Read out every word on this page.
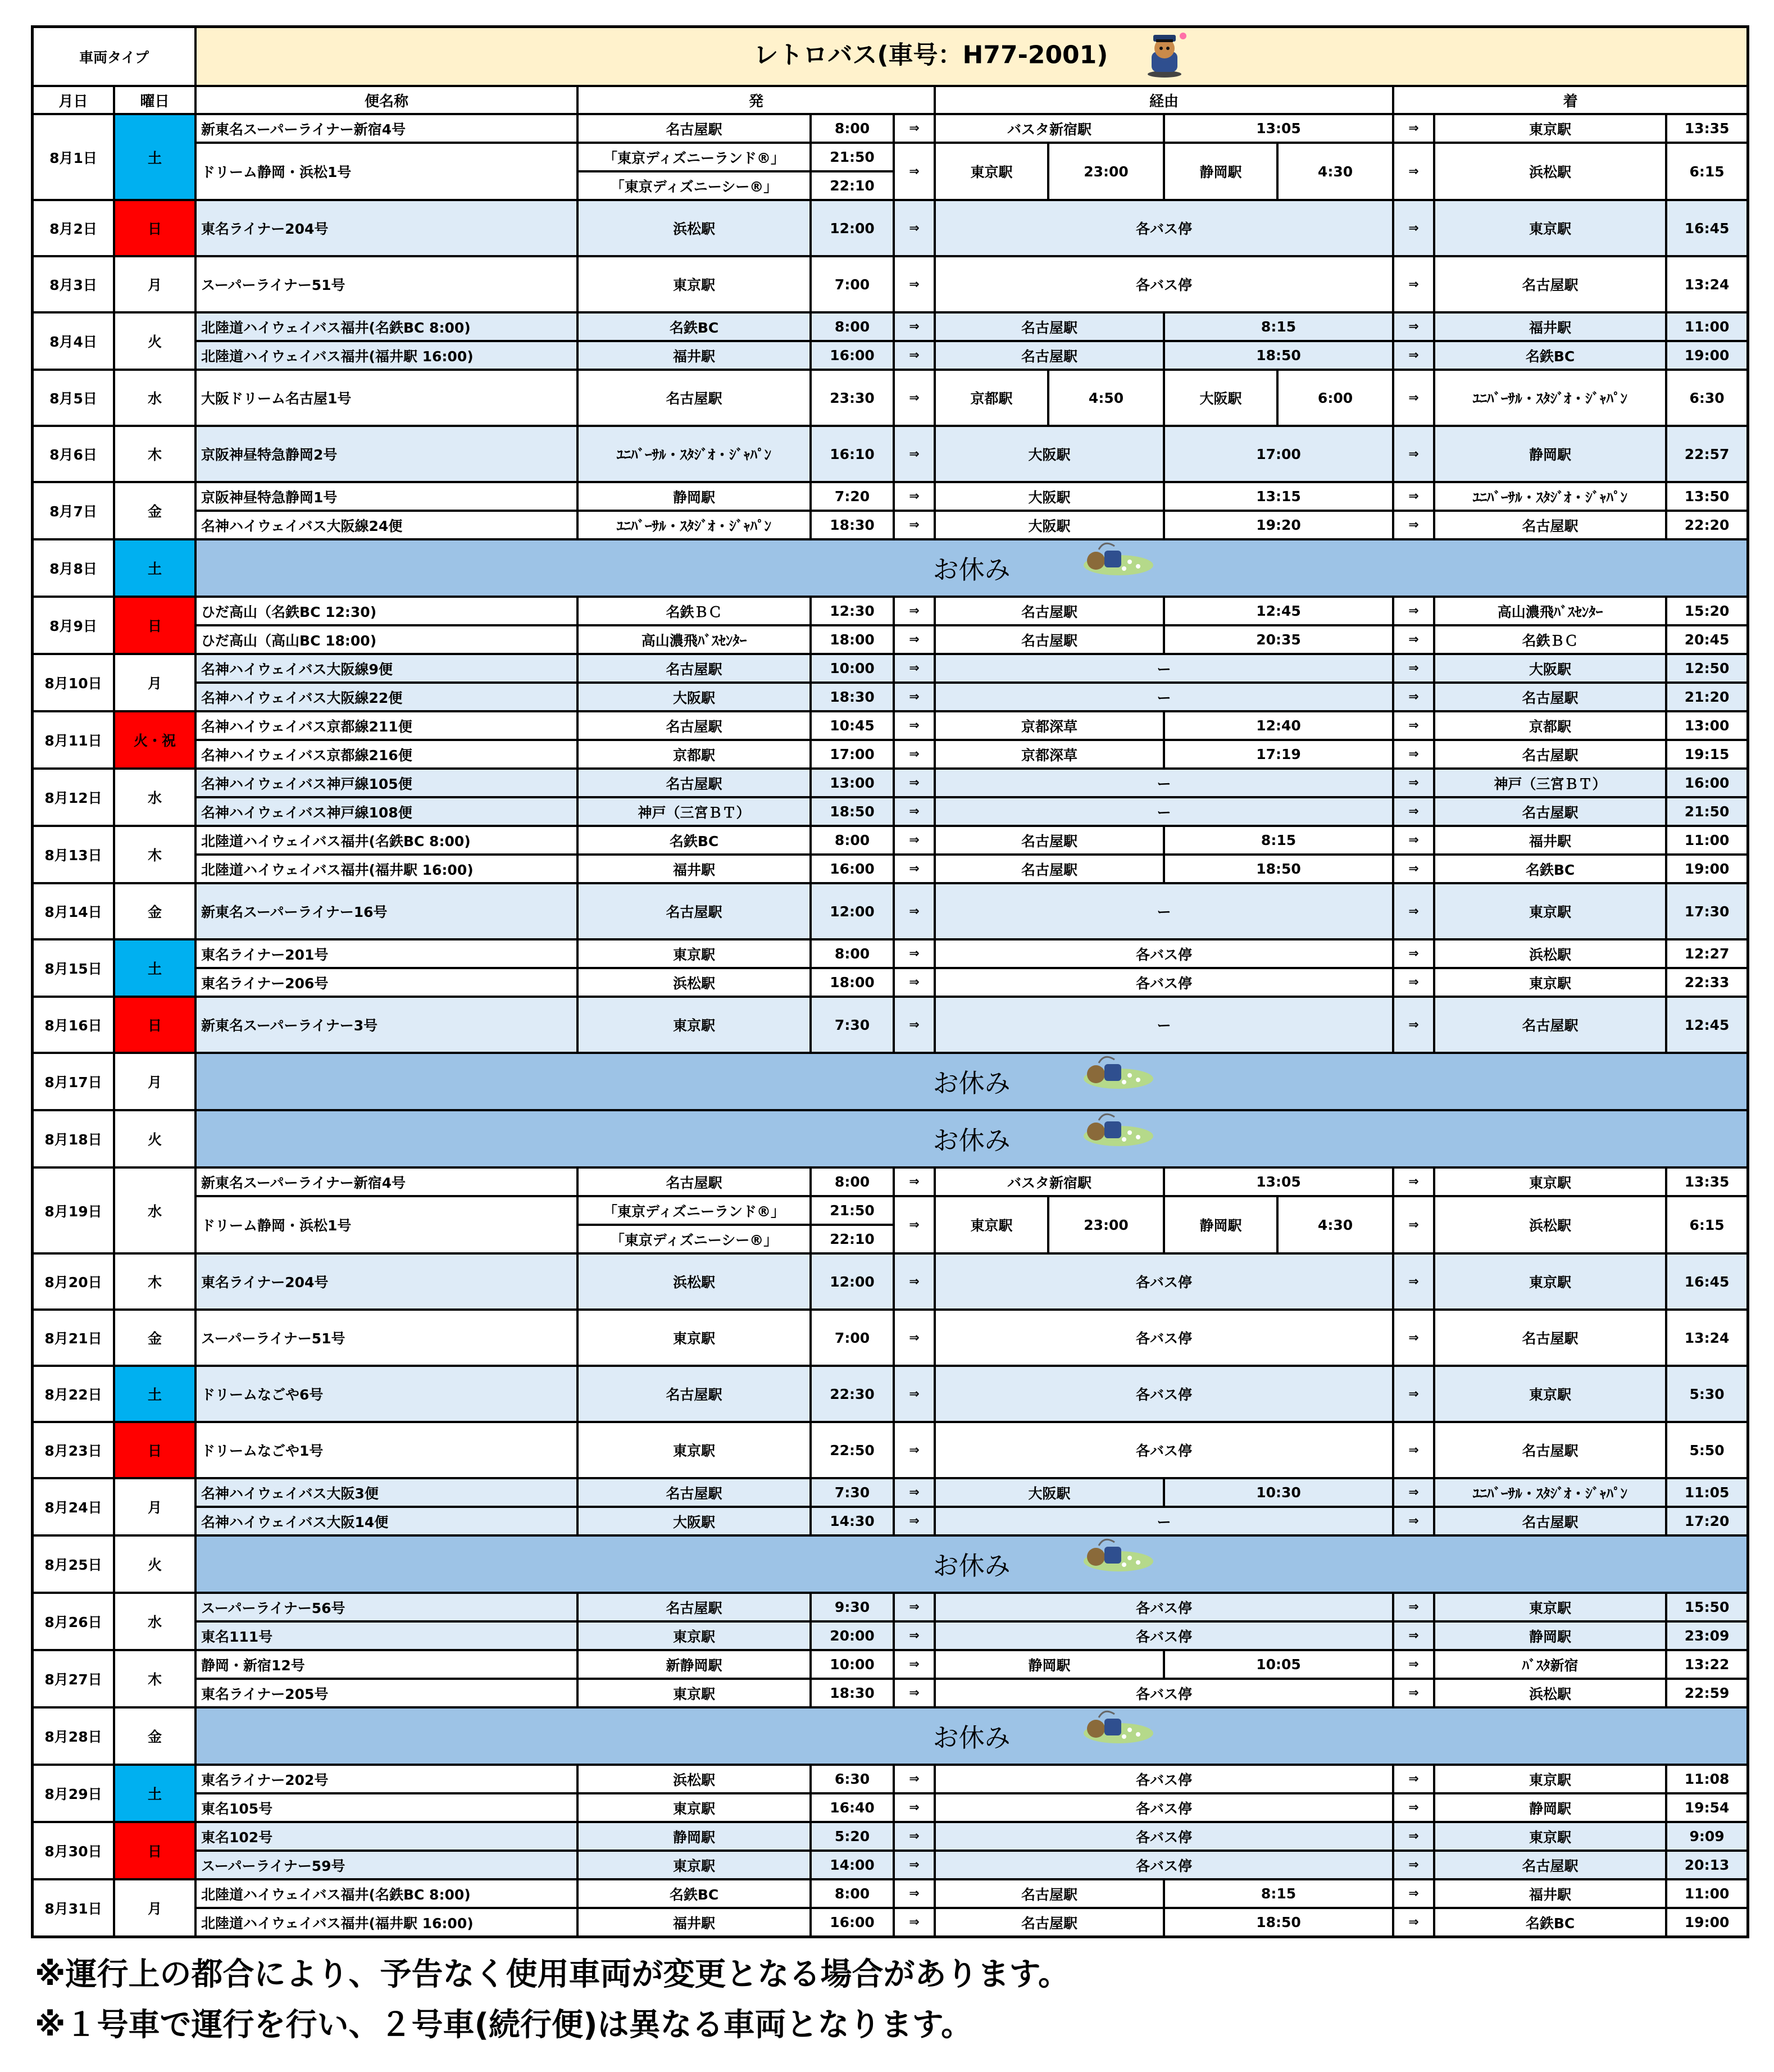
車両タイプ		レトロバス(車号：H77-2001)										
月日	曜日	便名称	発			経由				着		
8月1日	土	新東名スーパーライナー新宿4号	名古屋駅	8:00	⇒	バスタ新宿駅		13:05		⇒	東京駅	13:35
		ドリーム静岡・浜松1号	「東京ディズニーランド®」	21:50	⇒	東京駅	23:00	静岡駅	4:30	⇒	浜松駅	6:15
			「東京ディズニーシー®」	22:10								
8月2日	日	東名ライナー204号	浜松駅	12:00	⇒	各バス停				⇒	東京駅	16:45
8月3日	月	スーパーライナー51号	東京駅	7:00	⇒	各バス停				⇒	名古屋駅	13:24
8月4日	火	北陸道ハイウェイバス福井(名鉄BC 8:00)	名鉄BC	8:00	⇒	名古屋駅		8:15		⇒	福井駅	11:00
		北陸道ハイウェイバス福井(福井駅 16:00)	福井駅	16:00	⇒	名古屋駅		18:50		⇒	名鉄BC	19:00
8月5日	水	大阪ドリーム名古屋1号	名古屋駅	23:30	⇒	京都駅	4:50	大阪駅	6:00	⇒	ﾕﾆﾊﾞｰｻﾙ・ｽﾀｼﾞｵ・ｼﾞｬﾊﾟﾝ	6:30
8月6日	木	京阪神昼特急静岡2号	ﾕﾆﾊﾞｰｻﾙ・ｽﾀｼﾞｵ・ｼﾞｬﾊﾟﾝ	16:10	⇒	大阪駅		17:00		⇒	静岡駅	22:57
8月7日	金	京阪神昼特急静岡1号	静岡駅	7:20	⇒	大阪駅		13:15		⇒	ﾕﾆﾊﾞｰｻﾙ・ｽﾀｼﾞｵ・ｼﾞｬﾊﾟﾝ	13:50
		名神ハイウェイバス大阪線24便	ﾕﾆﾊﾞｰｻﾙ・ｽﾀｼﾞｵ・ｼﾞｬﾊﾟﾝ	18:30	⇒	大阪駅		19:20		⇒	名古屋駅	22:20
8月8日	土	お休み										

8月9日	日	ひだ高山（名鉄BC 12:30)	名鉄ＢＣ	12:30	⇒	名古屋駅		12:45		⇒	高山濃飛ﾊﾞｽｾﾝﾀｰ	15:20
		ひだ高山（高山BC 18:00)	高山濃飛ﾊﾞｽｾﾝﾀｰ	18:00	⇒	名古屋駅		20:35		⇒	名鉄ＢＣ	20:45
8月10日	月	名神ハイウェイバス大阪線9便	名古屋駅	10:00	⇒	ー				⇒	大阪駅	12:50
		名神ハイウェイバス大阪線22便	大阪駅	18:30	⇒	ー				⇒	名古屋駅	21:20
8月11日	火・祝	名神ハイウェイバス京都線211便	名古屋駅	10:45	⇒	京都深草		12:40		⇒	京都駅	13:00
		名神ハイウェイバス京都線216便	京都駅	17:00	⇒	京都深草		17:19		⇒	名古屋駅	19:15
8月12日	水	名神ハイウェイバス神戸線105便	名古屋駅	13:00	⇒	ー				⇒	神戸（三宮ＢＴ）	16:00
		名神ハイウェイバス神戸線108便	神戸（三宮ＢＴ）	18:50	⇒	ー				⇒	名古屋駅	21:50
8月13日	木	北陸道ハイウェイバス福井(名鉄BC 8:00)	名鉄BC	8:00	⇒	名古屋駅		8:15		⇒	福井駅	11:00
		北陸道ハイウェイバス福井(福井駅 16:00)	福井駅	16:00	⇒	名古屋駅		18:50		⇒	名鉄BC	19:00
8月14日	金	新東名スーパーライナー16号	名古屋駅	12:00	⇒	ー				⇒	東京駅	17:30
8月15日	土	東名ライナー201号	東京駅	8:00	⇒	各バス停				⇒	浜松駅	12:27
		東名ライナー206号	浜松駅	18:00	⇒	各バス停				⇒	東京駅	22:33
8月16日	日	新東名スーパーライナー3号	東京駅	7:30	⇒	ー				⇒	名古屋駅	12:45
8月17日	月	お休み										

8月18日	火	お休み										

8月19日	水	新東名スーパーライナー新宿4号	名古屋駅	8:00	⇒	バスタ新宿駅		13:05		⇒	東京駅	13:35
		ドリーム静岡・浜松1号	「東京ディズニーランド®」	21:50	⇒	東京駅	23:00	静岡駅	4:30	⇒	浜松駅	6:15
			「東京ディズニーシー®」	22:10								
8月20日	木	東名ライナー204号	浜松駅	12:00	⇒	各バス停				⇒	東京駅	16:45
8月21日	金	スーパーライナー51号	東京駅	7:00	⇒	各バス停				⇒	名古屋駅	13:24
8月22日	土	ドリームなごや6号	名古屋駅	22:30	⇒	各バス停				⇒	東京駅	5:30
8月23日	日	ドリームなごや1号	東京駅	22:50	⇒	各バス停				⇒	名古屋駅	5:50
8月24日	月	名神ハイウェイバス大阪3便	名古屋駅	7:30	⇒	大阪駅		10:30		⇒	ﾕﾆﾊﾞｰｻﾙ・ｽﾀｼﾞｵ・ｼﾞｬﾊﾟﾝ	11:05
		名神ハイウェイバス大阪14便	大阪駅	14:30	⇒	ー				⇒	名古屋駅	17:20
8月25日	火	お休み										

8月26日	水	スーパーライナー56号	名古屋駅	9:30	⇒	各バス停				⇒	東京駅	15:50
		東名111号	東京駅	20:00	⇒	各バス停				⇒	静岡駅	23:09
8月27日	木	静岡・新宿12号	新静岡駅	10:00	⇒	静岡駅		10:05		⇒	ﾊﾞｽﾀ新宿	13:22
		東名ライナー205号	東京駅	18:30	⇒	各バス停				⇒	浜松駅	22:59
8月28日	金	お休み										

8月29日	土	東名ライナー202号	浜松駅	6:30	⇒	各バス停				⇒	東京駅	11:08
		東名105号	東京駅	16:40	⇒	各バス停				⇒	静岡駅	19:54
8月30日	日	東名102号	静岡駅	5:20	⇒	各バス停				⇒	東京駅	9:09
		スーパーライナー59号	東京駅	14:00	⇒	各バス停				⇒	名古屋駅	20:13
8月31日	月	北陸道ハイウェイバス福井(名鉄BC 8:00)	名鉄BC	8:00	⇒	名古屋駅		8:15		⇒	福井駅	11:00
		北陸道ハイウェイバス福井(福井駅 16:00)	福井駅	16:00	⇒	名古屋駅		18:50		⇒	名鉄BC	19:00
※運行上の都合により、予告なく使用車両が変更となる場合があります。
※１号車で運行を行い、２号車(続行便)は異なる車両となります。
